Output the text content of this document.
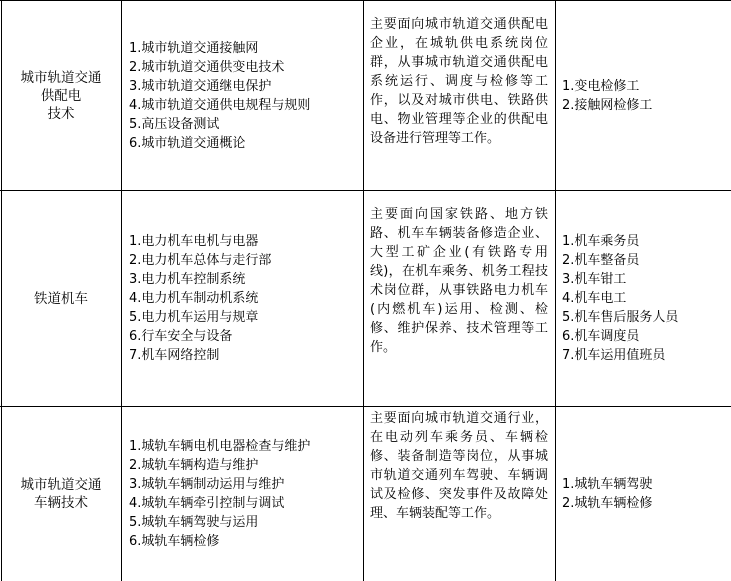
城市轨道交通
供配电
技术
1.城市轨道交通接触网
2.城市轨道交通供变电技术
3.城市轨道交通继电保护
4.城市轨道交通供电规程与规则
5.高压设备测试
6.城市轨道交通概论
主要面向城市轨道交通供配电企业，在城轨供电系统岗位群，从事城市轨道交通供配电系统运行、调度与检修等工作，以及对城市供电、铁路供电、物业管理等企业的供配电设备进行管理等工作。
1.变电检修工
2.接触网检修工
铁道机车
1.电力机车电机与电器
2.电力机车总体与走行部
3.电力机车控制系统
4.电力机车制动机系统
5.电力机车运用与规章
6.行车安全与设备
7.机车网络控制
主要面向国家铁路、地方铁路、机车车辆装备修造企业、大型工矿企业(有铁路专用线)，在机车乘务、机务工程技术岗位群，从事铁路电力机车(内燃机车)运用、检测、检修、维护保养、技术管理等工作。
1.机车乘务员
2.机车整备员
3.机车钳工
4.机车电工
5.机车售后服务人员
6.机车调度员
7.机车运用值班员
城市轨道交通
车辆技术
1.城轨车辆电机电器检查与维护
2.城轨车辆构造与维护
3.城轨车辆制动运用与维护
4.城轨车辆牵引控制与调试
5.城轨车辆驾驶与运用
6.城轨车辆检修
主要面向城市轨道交通行业，在电动列车乘务员、车辆检修、装备制造等岗位，从事城市轨道交通列车驾驶、车辆调试及检修、突发事件及故障处理、车辆装配等工作。
1.城轨车辆驾驶
2.城轨车辆检修
